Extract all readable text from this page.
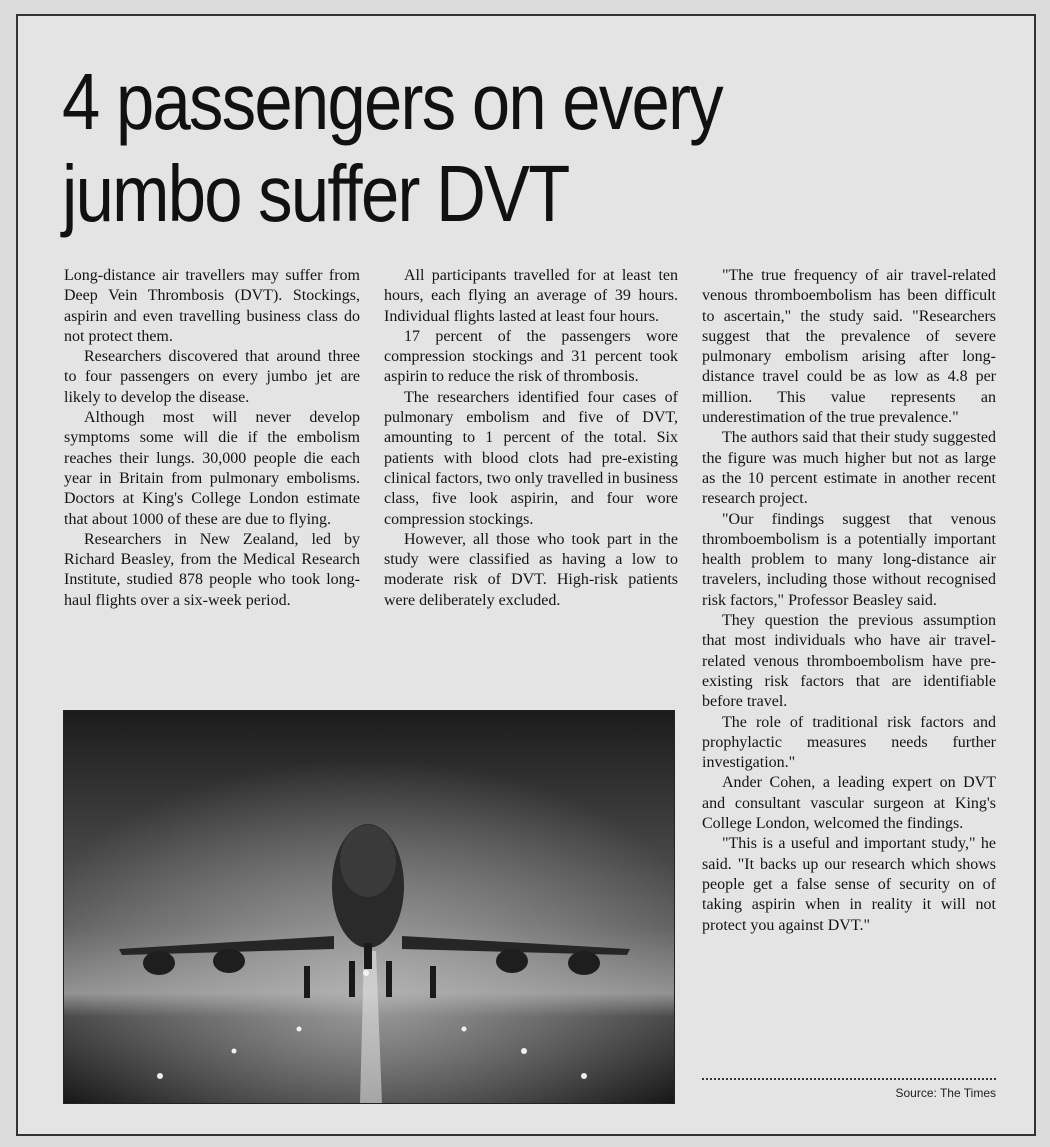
4 passengers on every jumbo suffer DVT

Long-distance air travellers may suffer from Deep Vein Thrombosis (DVT). Stockings, aspirin and even travelling business class do not protect them.

Researchers discovered that around three to four passengers on every jumbo jet are likely to develop the disease.

Although most will never develop symptoms some will die if the embolism reaches their lungs. 30,000 people die each year in Britain from pulmonary embolisms. Doctors at King's College London estimate that about 1000 of these are due to flying.

Researchers in New Zealand, led by Richard Beasley, from the Medical Research Institute, studied 878 people who took long-haul flights over a six-week period.

All participants travelled for at least ten hours, each flying an average of 39 hours. Individual flights lasted at least four hours.

17 percent of the passengers wore compression stockings and 31 percent took aspirin to reduce the risk of thrombosis.

The researchers identified four cases of pulmonary embolism and five of DVT, amounting to 1 percent of the total. Six patients with blood clots had pre-existing clinical factors, two only travelled in business class, five look aspirin, and four wore compression stockings.

However, all those who took part in the study were classified as having a low to moderate risk of DVT. High-risk patients were deliberately excluded.

"The true frequency of air travel-related venous thromboembolism has been difficult to ascertain," the study said. "Researchers suggest that the prevalence of severe pulmonary embolism arising after long-distance travel could be as low as 4.8 per million. This value represents an underestimation of the true prevalence."

The authors said that their study suggested the figure was much higher but not as large as the 10 percent estimate in another recent research project.

"Our findings suggest that venous thromboembolism is a potentially important health problem to many long-distance air travelers, including those without recognised risk factors," Professor Beasley said.

They question the previous assumption that most individuals who have air travel-related venous thromboembolism have pre-existing risk factors that are identifiable before travel.

The role of traditional risk factors and prophylactic measures needs further investigation."

Ander Cohen, a leading expert on DVT and consultant vascular surgeon at King's College London, welcomed the findings.

"This is a useful and important study," he said. "It backs up our research which shows people get a false sense of security on of taking aspirin when in reality it will not protect you against DVT."

Source: The Times
